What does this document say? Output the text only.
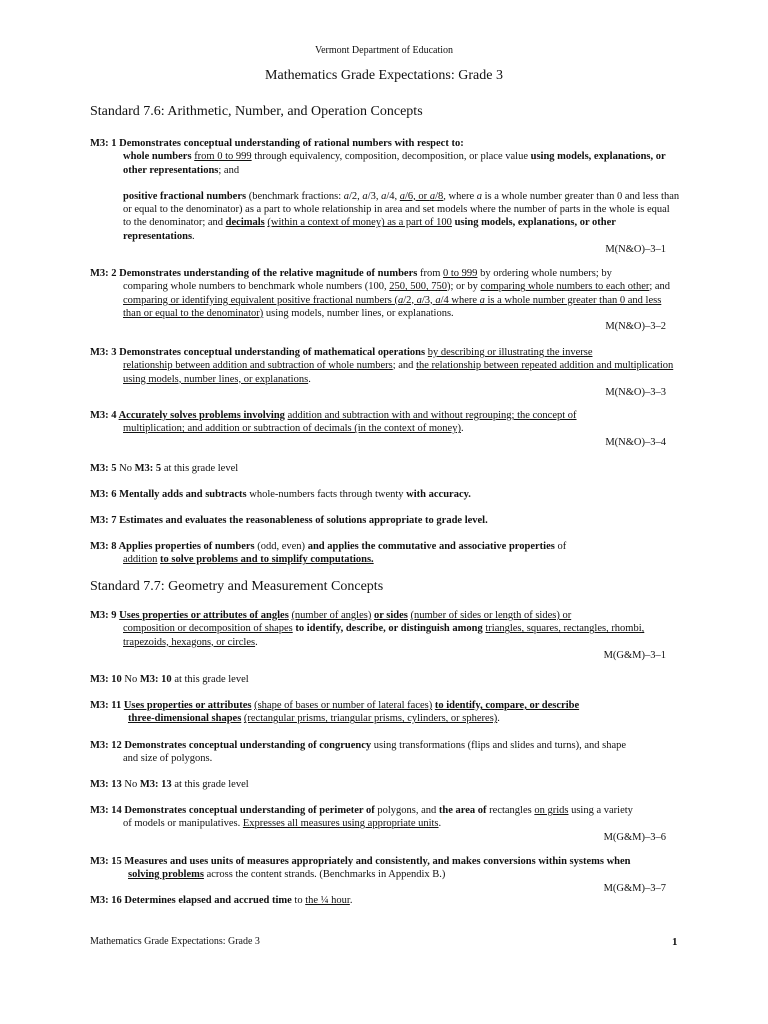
Vermont Department of Education
Mathematics Grade Expectations: Grade 3
Standard 7.6: Arithmetic, Number, and Operation Concepts

M3: 1 Demonstrates conceptual understanding of rational numbers with respect to:

whole numbers from 0 to 999 through equivalency, composition, decomposition, or place value using models, explanations, or other representations; and

positive fractional numbers (benchmark fractions: a/2, a/3, a/4, a/6, or a/8, where a is a whole number greater than 0 and less than or equal to the denominator) as a part to whole relationship in area and set models where the number of parts in the whole is equal to the denominator; and decimals (within a context of money) as a part of 100 using models, explanations, or other representations.

M(N&O)–3–1

M3: 2 Demonstrates understanding of the relative magnitude of numbers from 0 to 999 by ordering whole numbers; by

comparing whole numbers to benchmark whole numbers (100, 250, 500, 750); or by comparing whole numbers to each other; and comparing or identifying equivalent positive fractional numbers (a/2, a/3, a/4 where a is a whole number greater than 0 and less than or equal to the denominator) using models, number lines, or explanations.

M(N&O)–3–2

M3: 3 Demonstrates conceptual understanding of mathematical operations by describing or illustrating the inverse

relationship between addition and subtraction of whole numbers; and the relationship between repeated addition and multiplication using models, number lines, or explanations.

M(N&O)–3–3

M3: 4 Accurately solves problems involving addition and subtraction with and without regrouping; the concept of

multiplication; and addition or subtraction of decimals (in the context of money).

M(N&O)–3–4

M3: 5 No M3: 5 at this grade level

M3: 6 Mentally adds and subtracts whole-numbers facts through twenty with accuracy.

M3: 7 Estimates and evaluates the reasonableness of solutions appropriate to grade level.

M3: 8 Applies properties of numbers (odd, even) and applies the commutative and associative properties of

addition to solve problems and to simplify computations.

Standard 7.7: Geometry and Measurement Concepts

M3: 9 Uses properties or attributes of angles (number of angles) or sides (number of sides or length of sides) or

composition or decomposition of shapes to identify, describe, or distinguish among triangles, squares, rectangles, rhombi, trapezoids, hexagons, or circles.

M(G&M)–3–1

M3: 10 No M3: 10 at this grade level

M3: 11 Uses properties or attributes (shape of bases or number of lateral faces) to identify, compare, or describe

three-dimensional shapes (rectangular prisms, triangular prisms, cylinders, or spheres).

M3: 12 Demonstrates conceptual understanding of congruency using transformations (flips and slides and turns), and shape

and size of polygons.

M3: 13 No M3: 13 at this grade level

M3: 14 Demonstrates conceptual understanding of perimeter of polygons, and the area of rectangles on grids using a variety

of models or manipulatives. Expresses all measures using appropriate units.

M(G&M)–3–6

M3: 15 Measures and uses units of measures appropriately and consistently, and makes conversions within systems when

solving problems across the content strands. (Benchmarks in Appendix B.)

M(G&M)–3–7

M3: 16 Determines elapsed and accrued time to the ¼ hour.

Mathematics Grade Expectations: Grade 3	1
